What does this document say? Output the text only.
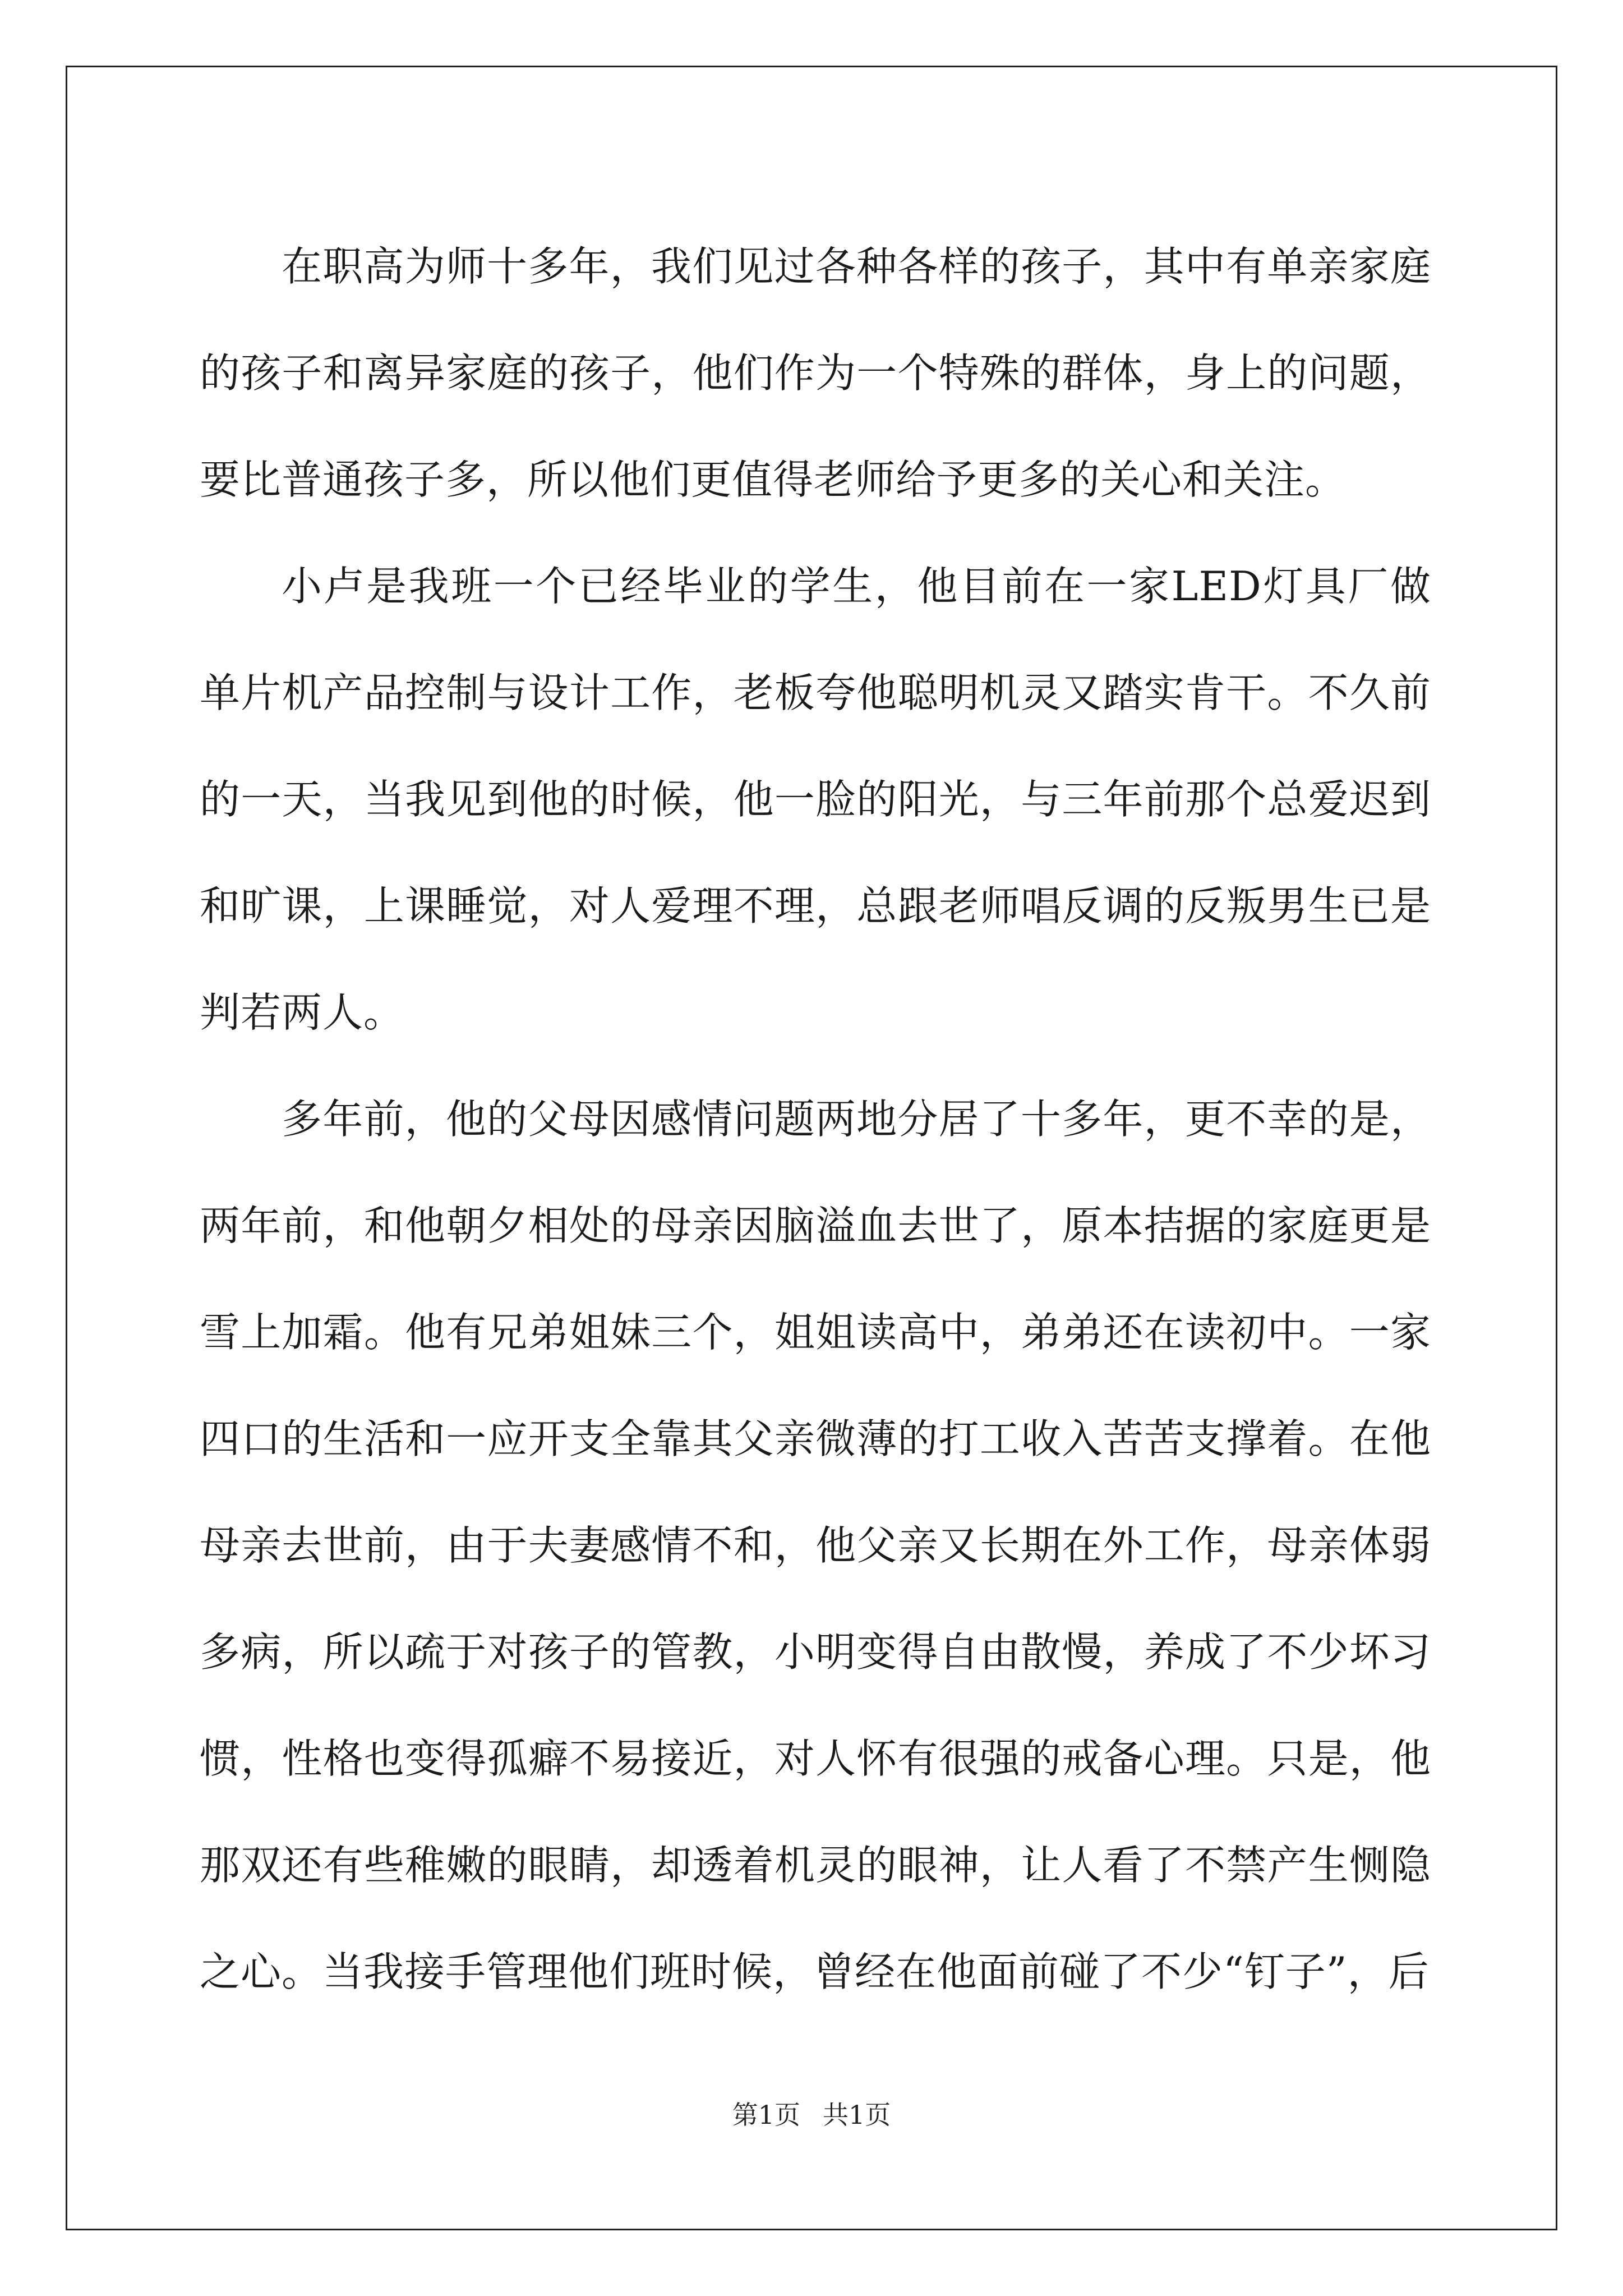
在职高为师十多年，我们见过各种各样的孩子，其中有单亲家庭的孩子和离异家庭的孩子，他们作为一个特殊的群体，身上的问题，要比普通孩子多，所以他们更值得老师给予更多的关心和关注。

小卢是我班一个已经毕业的学生，他目前在一家LED灯具厂做单片机产品控制与设计工作，老板夸他聪明机灵又踏实肯干。不久前的一天，当我见到他的时候，他一脸的阳光，与三年前那个总爱迟到和旷课，上课睡觉，对人爱理不理，总跟老师唱反调的反叛男生已是判若两人。

多年前，他的父母因感情问题两地分居了十多年，更不幸的是，两年前，和他朝夕相处的母亲因脑溢血去世了，原本拮据的家庭更是雪上加霜。他有兄弟姐妹三个，姐姐读高中，弟弟还在读初中。一家四口的生活和一应开支全靠其父亲微薄的打工收入苦苦支撑着。在他母亲去世前，由于夫妻感情不和，他父亲又长期在外工作，母亲体弱多病，所以疏于对孩子的管教，小明变得自由散慢，养成了不少坏习惯，性格也变得孤癖不易接近，对人怀有很强的戒备心理。只是，他那双还有些稚嫩的眼睛，却透着机灵的眼神，让人看了不禁产生恻隐之心。当我接手管理他们班时候，曾经在他面前碰了不少“钉子”，后

第1页 共1页
